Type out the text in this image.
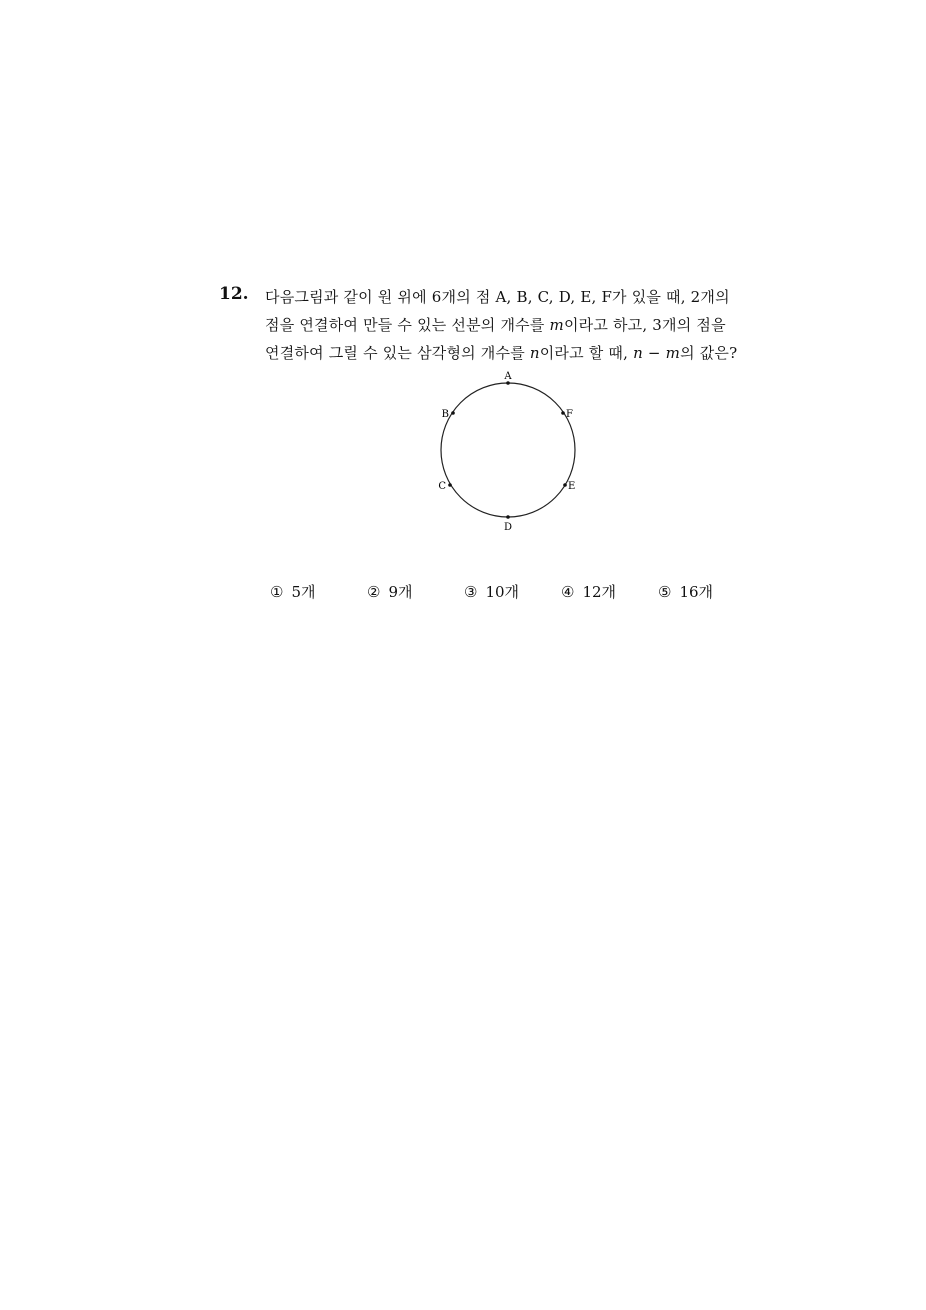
12. 다음그림과 같이 원 위에 6개의 점 A, B, C, D, E, F가 있을 때, 2개의
점을 연결하여 만들 수 있는 선분의 개수를 m이라고 하고, 3개의 점을
연결하여 그릴 수 있는 삼각형의 개수를 n이라고 할 때, n − m의 값은?
A
B
C
D
E
F
① 5개	② 9개	③ 10개	④ 12개	⑤ 16개
